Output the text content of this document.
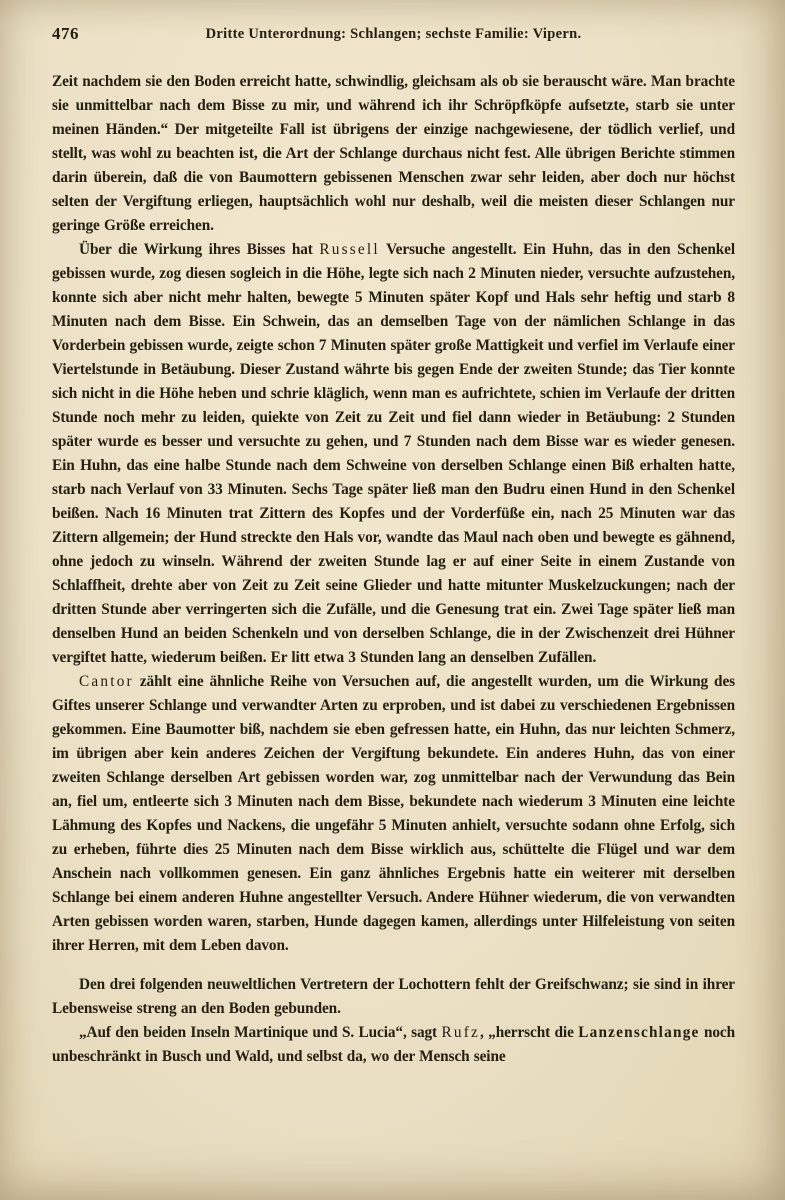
476	Dritte Unterordnung: Schlangen; sechste Familie: Vipern.

Zeit nachdem sie den Boden erreicht hatte, schwindlig, gleichsam als ob sie berauscht wäre. Man brachte sie unmittelbar nach dem Bisse zu mir, und während ich ihr Schröpfköpfe aufsetzte, starb sie unter meinen Händen.“ Der mitgeteilte Fall ist übrigens der einzige nachgewiesene, der tödlich verlief, und stellt, was wohl zu beachten ist, die Art der Schlange durchaus nicht fest. Alle übrigen Berichte stimmen darin überein, daß die von Baumottern gebissenen Menschen zwar sehr leiden, aber doch nur höchst selten der Vergiftung erliegen, hauptsächlich wohl nur deshalb, weil die meisten dieser Schlangen nur geringe Größe erreichen.

Über die Wirkung ihres Bisses hat Russell Versuche angestellt. Ein Huhn, das in den Schenkel gebissen wurde, zog diesen sogleich in die Höhe, legte sich nach 2 Minuten nieder, versuchte aufzustehen, konnte sich aber nicht mehr halten, bewegte 5 Minuten später Kopf und Hals sehr heftig und starb 8 Minuten nach dem Bisse. Ein Schwein, das an demselben Tage von der nämlichen Schlange in das Vorderbein gebissen wurde, zeigte schon 7 Minuten später große Mattigkeit und verfiel im Verlaufe einer Viertelstunde in Betäubung. Dieser Zustand währte bis gegen Ende der zweiten Stunde; das Tier konnte sich nicht in die Höhe heben und schrie kläglich, wenn man es aufrichtete, schien im Verlaufe der dritten Stunde noch mehr zu leiden, quiekte von Zeit zu Zeit und fiel dann wieder in Betäubung: 2 Stunden später wurde es besser und versuchte zu gehen, und 7 Stunden nach dem Bisse war es wieder genesen. Ein Huhn, das eine halbe Stunde nach dem Schweine von derselben Schlange einen Biß erhalten hatte, starb nach Verlauf von 33 Minuten. Sechs Tage später ließ man den Budru einen Hund in den Schenkel beißen. Nach 16 Minuten trat Zittern des Kopfes und der Vorderfüße ein, nach 25 Minuten war das Zittern allgemein; der Hund streckte den Hals vor, wandte das Maul nach oben und bewegte es gähnend, ohne jedoch zu winseln. Während der zweiten Stunde lag er auf einer Seite in einem Zustande von Schlaffheit, drehte aber von Zeit zu Zeit seine Glieder und hatte mitunter Muskelzuckungen; nach der dritten Stunde aber verringerten sich die Zufälle, und die Genesung trat ein. Zwei Tage später ließ man denselben Hund an beiden Schenkeln und von derselben Schlange, die in der Zwischenzeit drei Hühner vergiftet hatte, wiederum beißen. Er litt etwa 3 Stunden lang an denselben Zufällen.

Cantor zählt eine ähnliche Reihe von Versuchen auf, die angestellt wurden, um die Wirkung des Giftes unserer Schlange und verwandter Arten zu erproben, und ist dabei zu verschiedenen Ergebnissen gekommen. Eine Baumotter biß, nachdem sie eben gefressen hatte, ein Huhn, das nur leichten Schmerz, im übrigen aber kein anderes Zeichen der Vergiftung bekundete. Ein anderes Huhn, das von einer zweiten Schlange derselben Art gebissen worden war, zog unmittelbar nach der Verwundung das Bein an, fiel um, entleerte sich 3 Minuten nach dem Bisse, bekundete nach wiederum 3 Minuten eine leichte Lähmung des Kopfes und Nackens, die ungefähr 5 Minuten anhielt, versuchte sodann ohne Erfolg, sich zu erheben, führte dies 25 Minuten nach dem Bisse wirklich aus, schüttelte die Flügel und war dem Anschein nach vollkommen genesen. Ein ganz ähnliches Ergebnis hatte ein weiterer mit derselben Schlange bei einem anderen Huhne angestellter Versuch. Andere Hühner wiederum, die von verwandten Arten gebissen worden waren, starben, Hunde dagegen kamen, allerdings unter Hilfeleistung von seiten ihrer Herren, mit dem Leben davon.

Den drei folgenden neuweltlichen Vertretern der Lochottern fehlt der Greifschwanz; sie sind in ihrer Lebensweise streng an den Boden gebunden.

„Auf den beiden Inseln Martinique und S. Lucia“, sagt Rufz, „herrscht die Lanzenschlange noch unbeschränkt in Busch und Wald, und selbst da, wo der Mensch seine
